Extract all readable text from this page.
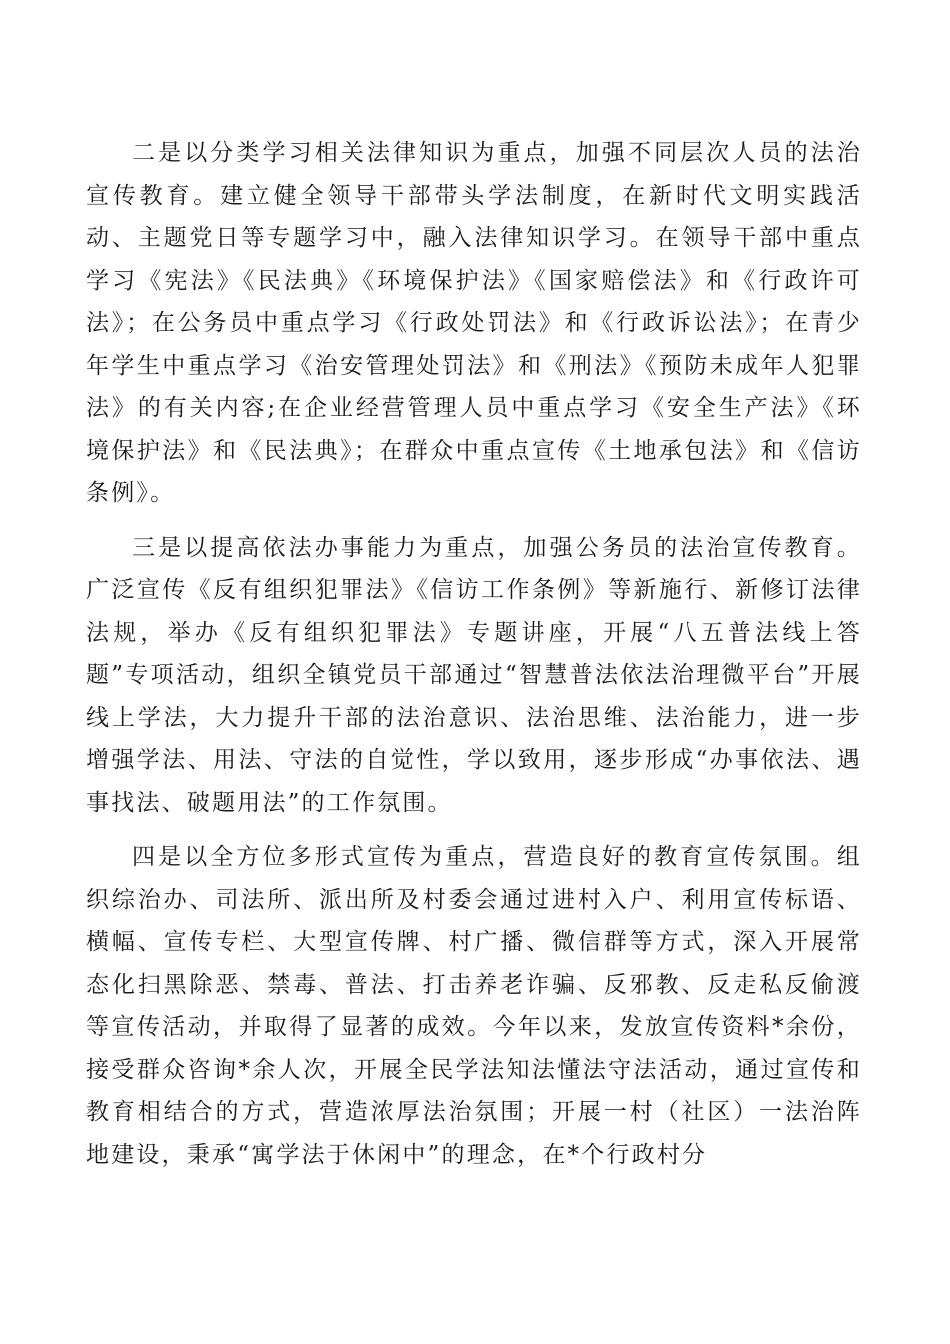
二是以分类学习相关法律知识为重点，加强不同层次人员的法治宣传教育。建立健全领导干部带头学法制度，在新时代文明实践活动、主题党日等专题学习中，融入法律知识学习。在领导干部中重点学习《宪法》《民法典》《环境保护法》《国家赔偿法》和《行政许可法》；在公务员中重点学习《行政处罚法》和《行政诉讼法》；在青少年学生中重点学习《治安管理处罚法》和《刑法》《预防未成年人犯罪法》的有关内容;在企业经营管理人员中重点学习《安全生产法》《环境保护法》和《民法典》；在群众中重点宣传《土地承包法》和《信访条例》。

三是以提高依法办事能力为重点，加强公务员的法治宣传教育。广泛宣传《反有组织犯罪法》《信访工作条例》等新施行、新修订法律法规，举办《反有组织犯罪法》专题讲座，开展“八五普法线上答题”专项活动，组织全镇党员干部通过“智慧普法依法治理微平台”开展线上学法，大力提升干部的法治意识、法治思维、法治能力，进一步增强学法、用法、守法的自觉性，学以致用，逐步形成“办事依法、遇事找法、破题用法”的工作氛围。

四是以全方位多形式宣传为重点，营造良好的教育宣传氛围。组织综治办、司法所、派出所及村委会通过进村入户、利用宣传标语、横幅、宣传专栏、大型宣传牌、村广播、微信群等方式，深入开展常态化扫黑除恶、禁毒、普法、打击养老诈骗、反邪教、反走私反偷渡等宣传活动，并取得了显著的成效。今年以来，发放宣传资料*余份，接受群众咨询*余人次，开展全民学法知法懂法守法活动，通过宣传和教育相结合的方式，营造浓厚法治氛围；开展一村（社区）一法治阵地建设，秉承“寓学法于休闲中”的理念，在*个行政村分
